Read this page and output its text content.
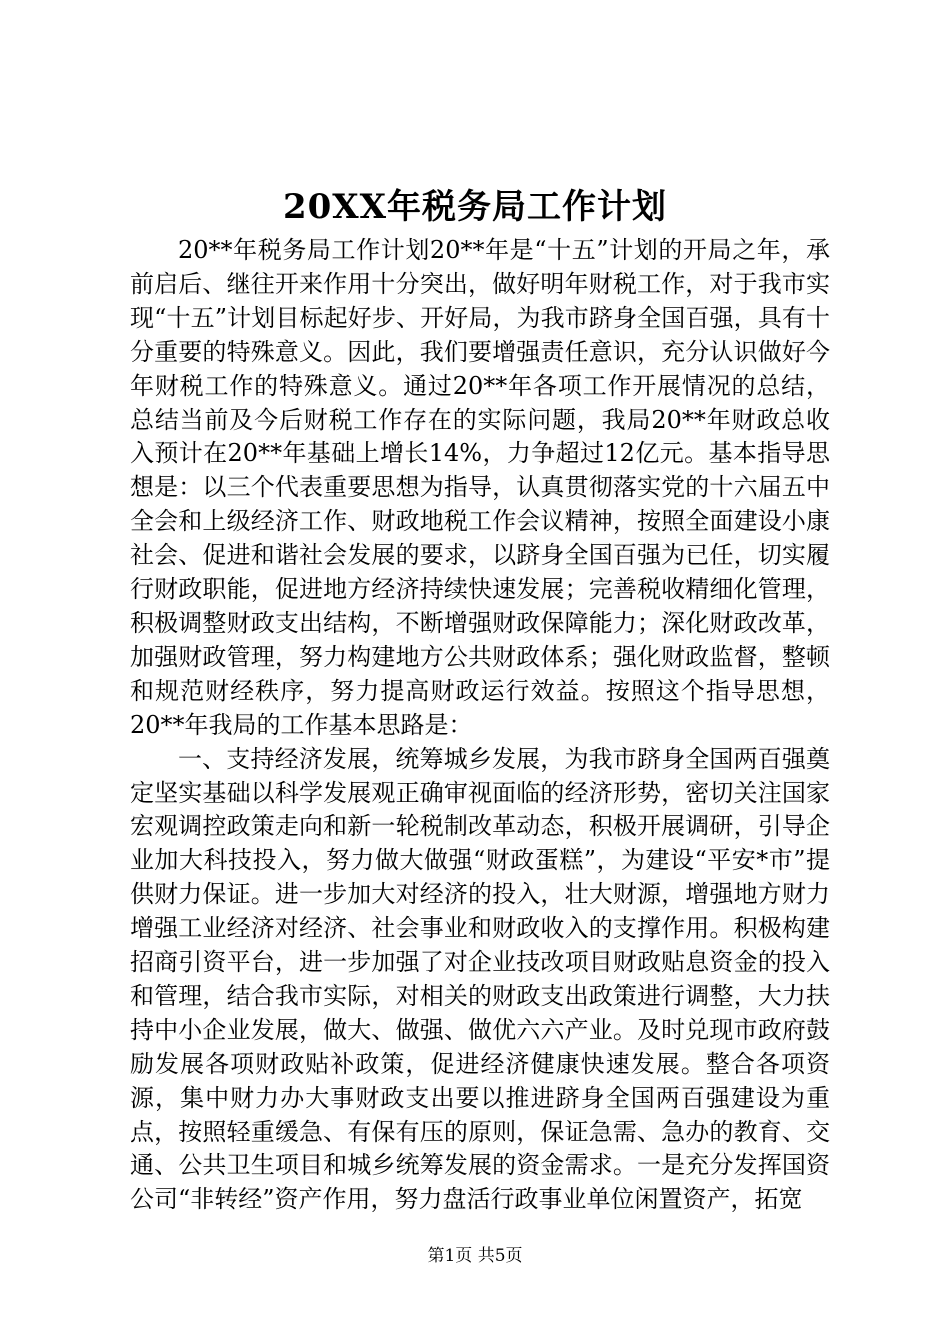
20XX年税务局工作计划

20**年税务局工作计划20**年是“十五”计划的开局之年，承前启后、继往开来作用十分突出，做好明年财税工作，对于我市实现“十五”计划目标起好步、开好局，为我市跻身全国百强，具有十分重要的特殊意义。因此，我们要增强责任意识，充分认识做好今年财税工作的特殊意义。通过20**年各项工作开展情况的总结，总结当前及今后财税工作存在的实际问题，我局20**年财政总收入预计在20**年基础上增长14%，力争超过12亿元。基本指导思想是：以三个代表重要思想为指导，认真贯彻落实党的十六届五中全会和上级经济工作、财政地税工作会议精神，按照全面建设小康社会、促进和谐社会发展的要求，以跻身全国百强为已任，切实履行财政职能，促进地方经济持续快速发展；完善税收精细化管理，积极调整财政支出结构，不断增强财政保障能力；深化财政改革，加强财政管理，努力构建地方公共财政体系；强化财政监督，整顿和规范财经秩序，努力提高财政运行效益。按照这个指导思想，20**年我局的工作基本思路是：

一、支持经济发展，统筹城乡发展，为我市跻身全国两百强奠定坚实基础以科学发展观正确审视面临的经济形势，密切关注国家宏观调控政策走向和新一轮税制改革动态，积极开展调研，引导企业加大科技投入，努力做大做强“财政蛋糕”，为建设“平安*市”提供财力保证。进一步加大对经济的投入，壮大财源，增强地方财力增强工业经济对经济、社会事业和财政收入的支撑作用。积极构建招商引资平台，进一步加强了对企业技改项目财政贴息资金的投入和管理，结合我市实际，对相关的财政支出政策进行调整，大力扶持中小企业发展，做大、做强、做优六六产业。及时兑现市政府鼓励发展各项财政贴补政策，促进经济健康快速发展。整合各项资源，集中财力办大事财政支出要以推进跻身全国两百强建设为重点，按照轻重缓急、有保有压的原则，保证急需、急办的教育、交通、公共卫生项目和城乡统筹发展的资金需求。一是充分发挥国资公司“非转经”资产作用，努力盘活行政事业单位闲置资产，拓宽

第1页 共5页
